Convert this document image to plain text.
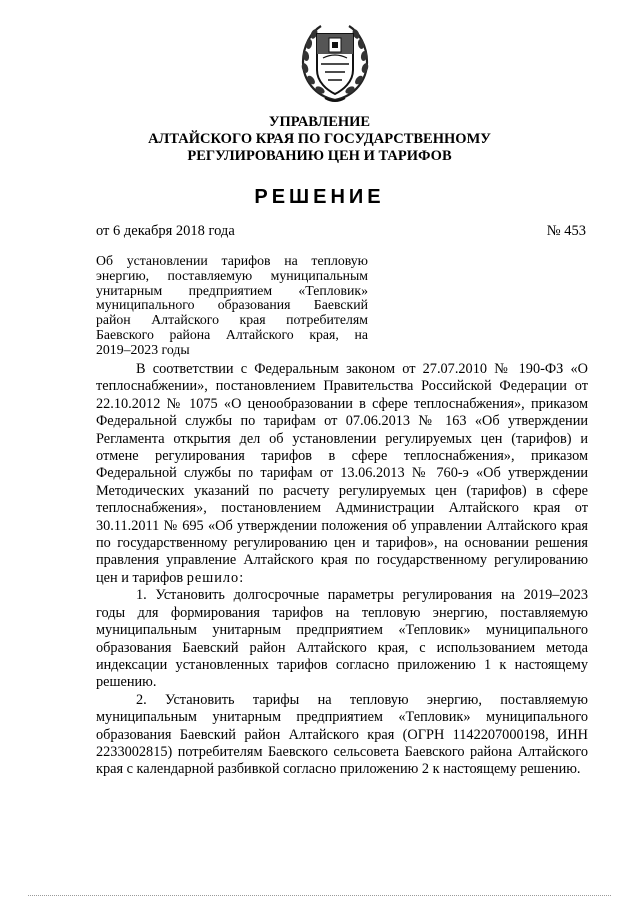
УПРАВЛЕНИЕ
АЛТАЙСКОГО КРАЯ ПО ГОСУДАРСТВЕННОМУ
РЕГУЛИРОВАНИЮ ЦЕН И ТАРИФОВ
РЕШЕНИЕ
от 6 декабря 2018 года	№ 453
Об установлении тарифов на тепловую
энергию, поставляемую муниципальным
унитарным предприятием «Тепловик»
муниципального образования Баевский
район Алтайского края потребителям
Баевского района Алтайского края, на
2019–2023 годы

В соответствии с Федеральным законом от 27.07.2010 № 190-ФЗ «О теплоснабжении», постановлением Правительства Российской Федерации от 22.10.2012 № 1075 «О ценообразовании в сфере теплоснабжения», приказом Федеральной службы по тарифам от 07.06.2013 № 163 «Об утверждении Регламента открытия дел об установлении регулируемых цен (тарифов) и отмене регулирования тарифов в сфере теплоснабжения», приказом Федеральной службы по тарифам от 13.06.2013 № 760-э «Об утверждении Методических указаний по расчету регулируемых цен (тарифов) в сфере теплоснабжения», постановлением Администрации Алтайского края от 30.11.2011 № 695 «Об утверждении положения об управлении Алтайского края по государственному регулированию цен и тарифов», на основании решения правления управление Алтайского края по государственному регулированию цен и тарифов решило:

1. Установить долгосрочные параметры регулирования на 2019–2023 годы для формирования тарифов на тепловую энергию, поставляемую муниципальным унитарным предприятием «Тепловик» муниципального образования Баевский район Алтайского края, с использованием метода индексации установленных тарифов согласно приложению 1 к настоящему решению.

2. Установить тарифы на тепловую энергию, поставляемую муниципальным унитарным предприятием «Тепловик» муниципального образования Баевский район Алтайского края (ОГРН 1142207000198, ИНН 2233002815) потребителям Баевского сельсовета Баевского района Алтайского края с календарной разбивкой согласно приложению 2 к настоящему решению.
